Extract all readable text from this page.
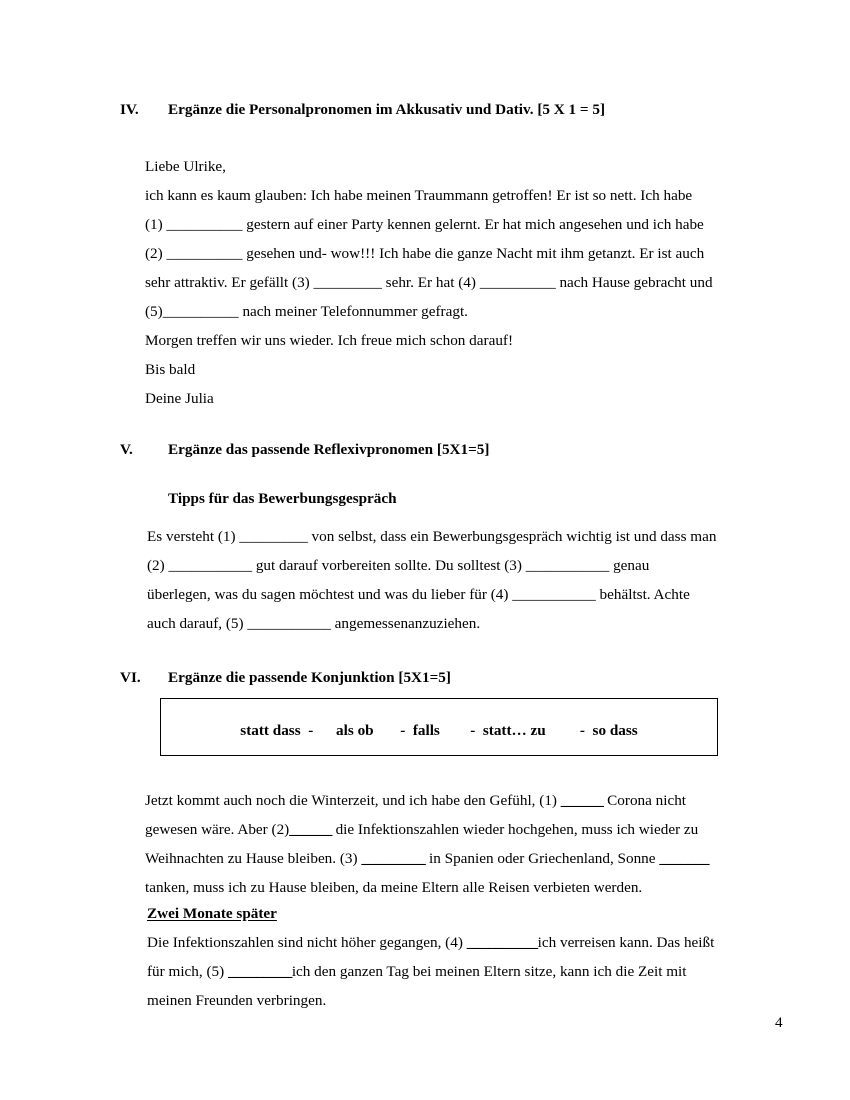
IV. Ergänze die Personalpronomen im Akkusativ und Dativ. [5 X 1 = 5]

Liebe Ulrike,

ich kann es kaum glauben: Ich habe meinen Traummann getroffen! Er ist so nett. Ich habe

(1) __________ gestern auf einer Party kennen gelernt. Er hat mich angesehen und ich habe

(2) __________ gesehen und- wow!!! Ich habe die ganze Nacht mit ihm getanzt. Er ist auch

sehr attraktiv. Er gefällt (3) _________ sehr. Er hat (4) __________ nach Hause gebracht und

(5)__________ nach meiner Telefonnummer gefragt.

Morgen treffen wir uns wieder. Ich freue mich schon darauf!

Bis bald

Deine Julia

V. Ergänze das passende Reflexivpronomen [5X1=5]
Tipps für das Bewerbungsgespräch

Es versteht (1) _________ von selbst, dass ein Bewerbungsgespräch wichtig ist und dass man

(2) ___________ gut darauf vorbereiten sollte. Du solltest (3) ___________ genau

überlegen, was du sagen möchtest und was du lieber für (4) ___________ behältst. Achte

auch darauf, (5) ___________ angemessenanzuziehen.

VI. Ergänze die passende Konjunktion [5X1=5]
statt dass  -      als ob       -  falls        -  statt… zu         -  so dass

Jetzt kommt auch noch die Winterzeit, und ich habe den Gefühl, (1) ______ Corona nicht

gewesen wäre. Aber (2)______ die Infektionszahlen wieder hochgehen, muss ich wieder zu

Weihnachten zu Hause bleiben. (3) _________ in Spanien oder Griechenland, Sonne _______

tanken, muss ich zu Hause bleiben, da meine Eltern alle Reisen verbieten werden.

Zwei Monate später

Die Infektionszahlen sind nicht höher gegangen, (4) __________ich verreisen kann. Das heißt

für mich, (5) _________ich den ganzen Tag bei meinen Eltern sitze, kann ich die Zeit mit

meinen Freunden verbringen.

4
